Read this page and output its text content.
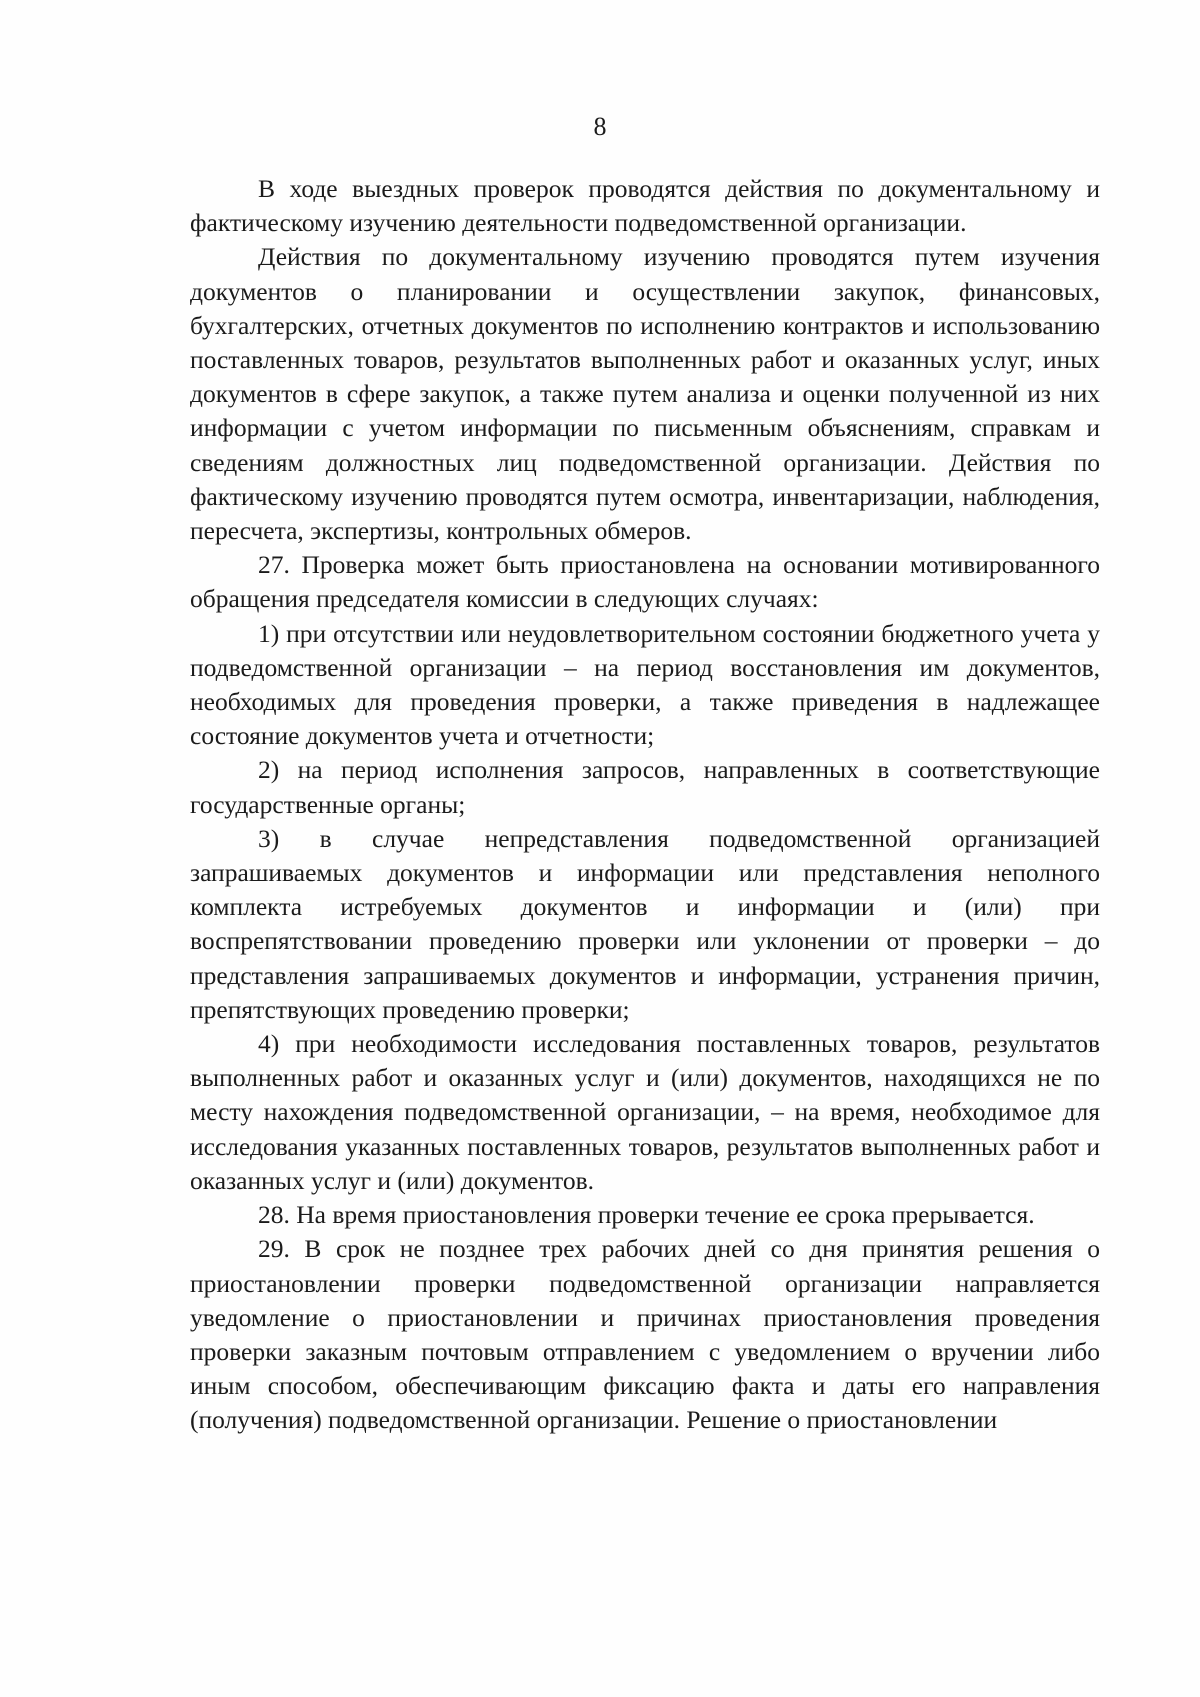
8

В ходе выездных проверок проводятся действия по документальному и фактическому изучению деятельности подведомственной организации.

Действия по документальному изучению проводятся путем изучения документов о планировании и осуществлении закупок, финансовых, бухгалтерских, отчетных документов по исполнению контрактов и использованию поставленных товаров, результатов выполненных работ и оказанных услуг, иных документов в сфере закупок, а также путем анализа и оценки полученной из них информации с учетом информации по письменным объяснениям, справкам и сведениям должностных лиц подведомственной организации. Действия по фактическому изучению проводятся путем осмотра, инвентаризации, наблюдения, пересчета, экспертизы, контрольных обмеров.

27. Проверка может быть приостановлена на основании мотивированного обращения председателя комиссии в следующих случаях:

1) при отсутствии или неудовлетворительном состоянии бюджетного учета у подведомственной организации – на период восстановления им документов, необходимых для проведения проверки, а также приведения в надлежащее состояние документов учета и отчетности;

2) на период исполнения запросов, направленных в соответствующие государственные органы;

3) в случае непредставления подведомственной организацией запрашиваемых документов и информации или представления неполного комплекта истребуемых документов и информации и (или) при воспрепятствовании проведению проверки или уклонении от проверки – до представления запрашиваемых документов и информации, устранения причин, препятствующих проведению проверки;

4) при необходимости исследования поставленных товаров, результатов выполненных работ и оказанных услуг и (или) документов, находящихся не по месту нахождения подведомственной организации, – на время, необходимое для исследования указанных поставленных товаров, результатов выполненных работ и оказанных услуг и (или) документов.

28. На время приостановления проверки течение ее срока прерывается.

29. В срок не позднее трех рабочих дней со дня принятия решения о приостановлении проверки подведомственной организации направляется уведомление о приостановлении и причинах приостановления проведения проверки заказным почтовым отправлением с уведомлением о вручении либо иным способом, обеспечивающим фиксацию факта и даты его направления (получения) подведомственной организации. Решение о приостановлении
